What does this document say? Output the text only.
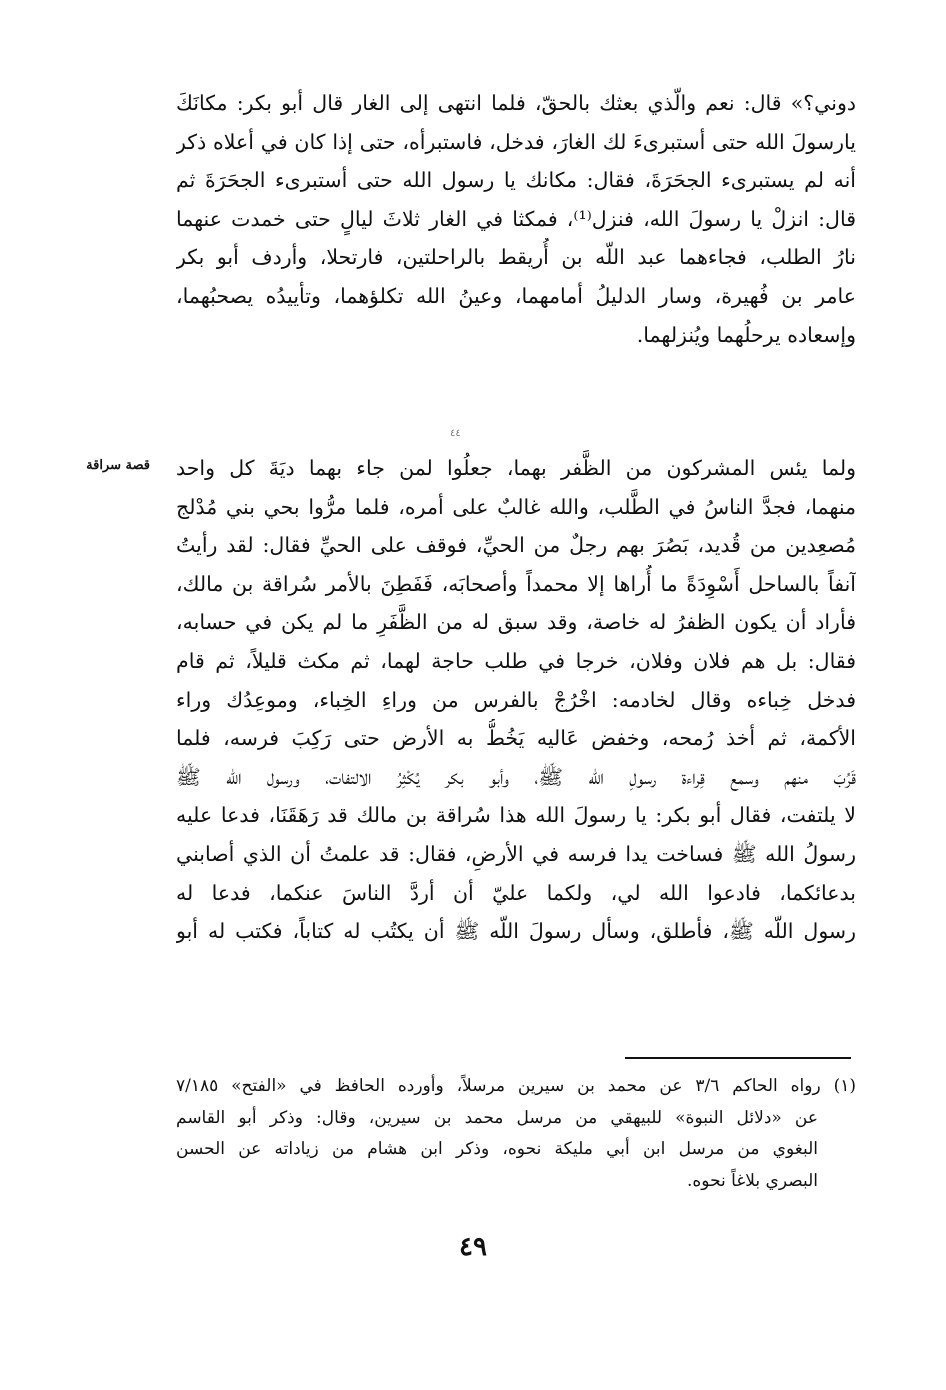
دوني؟» قال: نعم والّذي بعثك بالحقّ، فلما انتهى إلى الغار قال أبو بكر: مكانَكَ
يارسولَ الله حتى أستبرىءَ لك الغارَ، فدخل، فاستبرأه، حتى إذا كان في أعلاه ذكر
أنه لم يستبرىء الجحَرَةَ، فقال: مكانك يا رسول الله حتى أستبرىء الجحَرَةَ ثم
قال: انزلْ يا رسولَ الله، فنزل⁽¹⁾، فمكثا في الغار ثلاثَ ليالٍ حتى خمدت عنهما
نارُ الطلب، فجاءهما عبد اللّه بن أُريقط بالراحلتين، فارتحلا، وأردف أبو بكر
عامر بن فُهيرة، وسار الدليلُ أمامهما، وعينُ الله تكلؤهما، وتأييدُه يصحبُهما،
وإسعاده يرحلُهما ويُنزلهما.
٤٤
قصة سراقة ولما يئس المشركون من الظَّفر بهما، جعلُوا لمن جاء بهما ديَةَ كل واحد
منهما، فجدَّ الناسُ في الطَّلب، والله غالبٌ على أمره، فلما مرُّوا بحي بني مُدْلج
مُصعِدين من قُديد، بَصُرَ بهم رجلٌ من الحيِّ، فوقف على الحيِّ فقال: لقد رأيتُ
آنفاً بالساحل أَسْوِدَةً ما أُراها إلا محمداً وأصحابَه، فَفَطِنَ بالأمر سُراقة بن مالك،
فأراد أن يكون الظفرُ له خاصة، وقد سبق له من الظَّفَرِ ما لم يكن في حسابه،
فقال: بل هم فلان وفلان، خرجا في طلب حاجة لهما، ثم مكث قليلاً، ثم قام
فدخل خِباءه وقال لخادمه: اخْرُجْ بالفرس من وراءِ الخِباء، وموعِدُك وراء
الأكمة، ثم أخذ رُمحه، وخفض عَاليه يَخُطُّ به الأرض حتى رَكِبَ فرسه، فلما
قَرُبَ منهم وسمع قِراءة رسولِ الله ﷺ، وأبو بكر يُكْثِرُ الالتفات، ورسول الله ﷺ
لا يلتفت، فقال أبو بكر: يا رسولَ الله هذا سُراقة بن مالك قد رَهَقَنَا، فدعا عليه
رسولُ الله ﷺ فساخت يدا فرسه في الأرضِ، فقال: قد علمتُ أن الذي أصابني
بدعائكما، فادعوا الله لي، ولكما عليّ أن أردَّ الناسَ عنكما، فدعا له
رسول اللّه ﷺ، فأطلق، وسأل رسولَ اللّه ﷺ أن يكتُب له كتاباً، فكتب له أبو
(١) رواه الحاكم ٣/٦ عن محمد بن سيرين مرسلاً، وأورده الحافظ في «الفتح» ٧/١٨٥
عن «دلائل النبوة» للبيهقي من مرسل محمد بن سيرين، وقال: وذكر أبو القاسم
البغوي من مرسل ابن أبي مليكة نحوه، وذكر ابن هشام من زياداته عن الحسن
البصري بلاغاً نحوه.
٤٩
